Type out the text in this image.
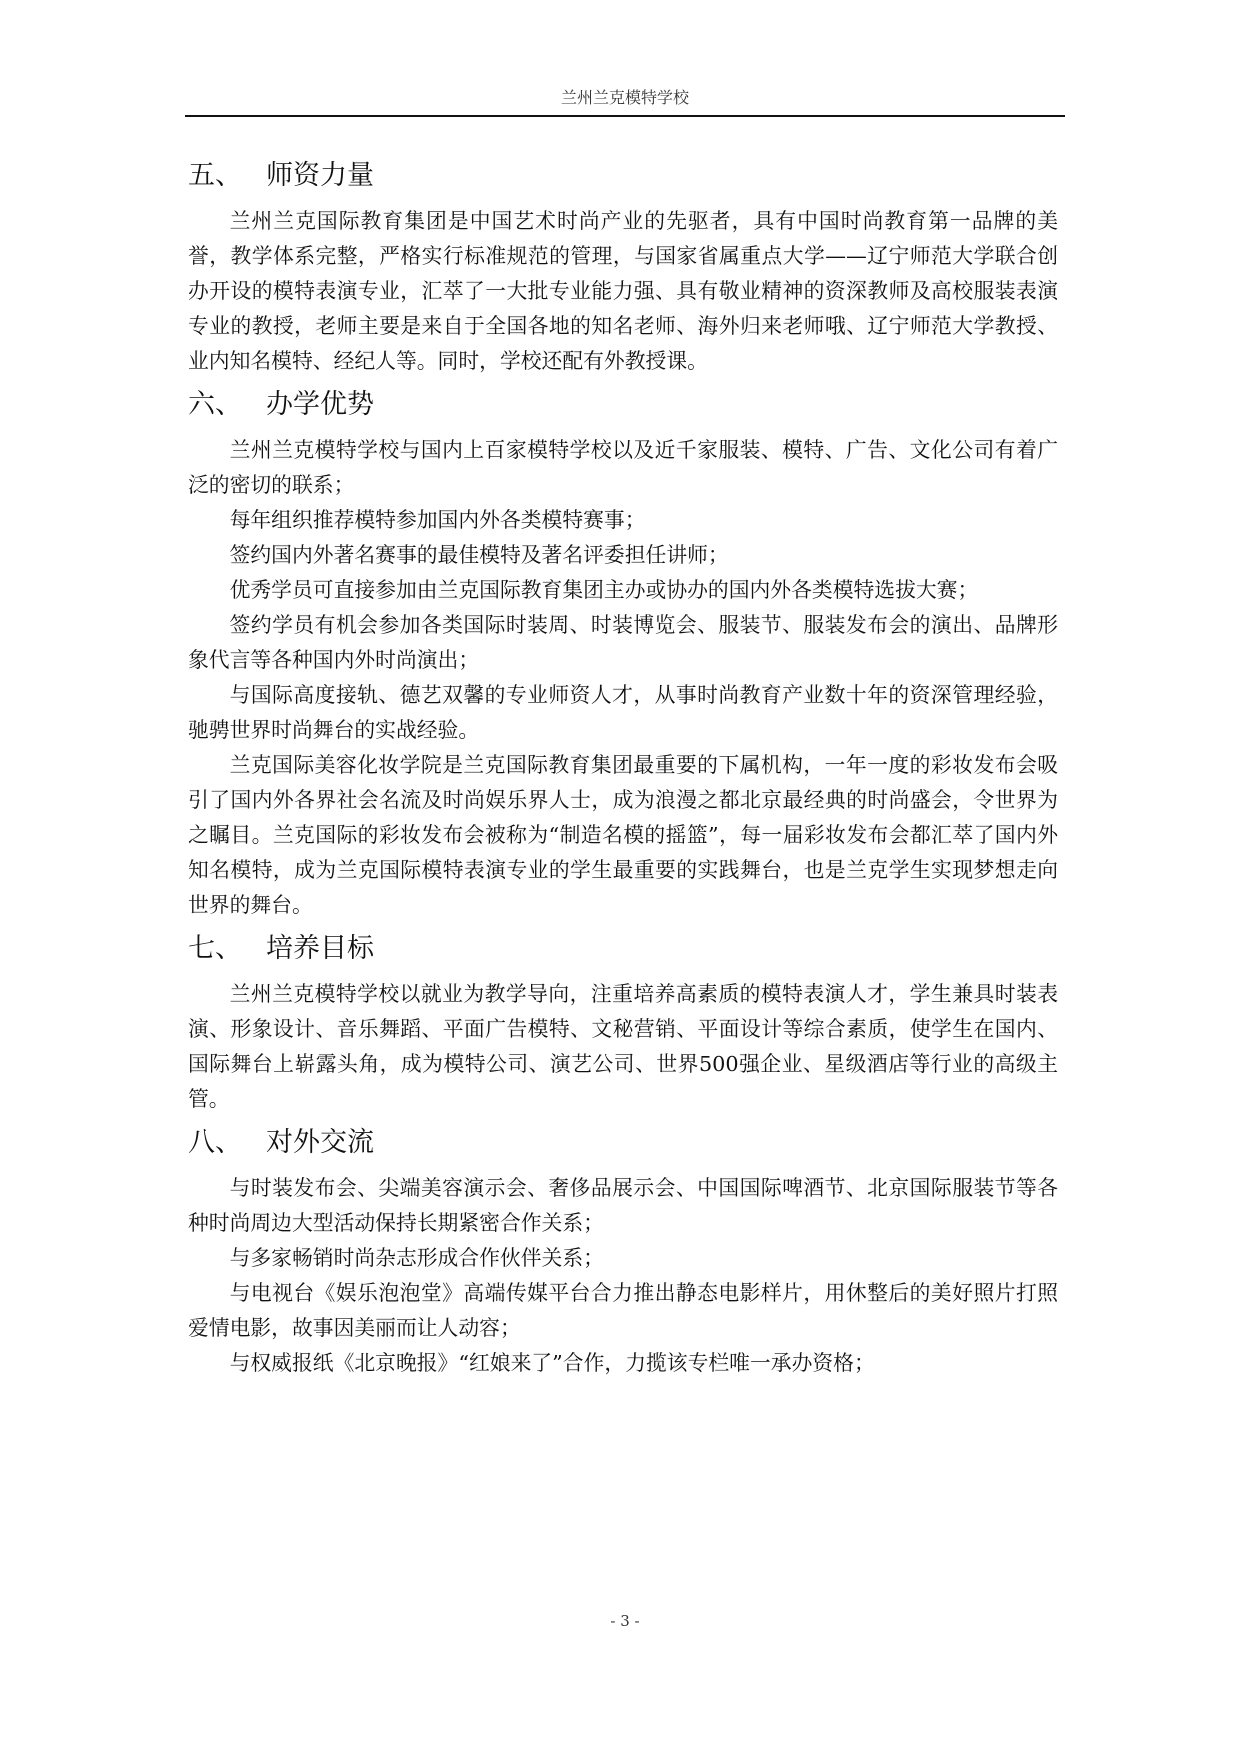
兰州兰克模特学校
五、 师资力量

兰州兰克国际教育集团是中国艺术时尚产业的先驱者，具有中国时尚教育第一品牌的美誉，教学体系完整，严格实行标准规范的管理，与国家省属重点大学——辽宁师范大学联合创办开设的模特表演专业，汇萃了一大批专业能力强、具有敬业精神的资深教师及高校服装表演专业的教授，老师主要是来自于全国各地的知名老师、海外归来老师哦、辽宁师范大学教授、业内知名模特、经纪人等。同时，学校还配有外教授课。

六、 办学优势

兰州兰克模特学校与国内上百家模特学校以及近千家服装、模特、广告、文化公司有着广泛的密切的联系；

每年组织推荐模特参加国内外各类模特赛事；

签约国内外著名赛事的最佳模特及著名评委担任讲师；

优秀学员可直接参加由兰克国际教育集团主办或协办的国内外各类模特选拔大赛；

签约学员有机会参加各类国际时装周、时装博览会、服装节、服装发布会的演出、品牌形象代言等各种国内外时尚演出；

与国际高度接轨、德艺双馨的专业师资人才，从事时尚教育产业数十年的资深管理经验，驰骋世界时尚舞台的实战经验。

兰克国际美容化妆学院是兰克国际教育集团最重要的下属机构，一年一度的彩妆发布会吸引了国内外各界社会名流及时尚娱乐界人士，成为浪漫之都北京最经典的时尚盛会，令世界为之瞩目。兰克国际的彩妆发布会被称为“制造名模的摇篮”，每一届彩妆发布会都汇萃了国内外知名模特，成为兰克国际模特表演专业的学生最重要的实践舞台，也是兰克学生实现梦想走向世界的舞台。

七、 培养目标

兰州兰克模特学校以就业为教学导向，注重培养高素质的模特表演人才，学生兼具时装表演、形象设计、音乐舞蹈、平面广告模特、文秘营销、平面设计等综合素质，使学生在国内、国际舞台上崭露头角，成为模特公司、演艺公司、世界500强企业、星级酒店等行业的高级主管。

八、 对外交流

与时装发布会、尖端美容演示会、奢侈品展示会、中国国际啤酒节、北京国际服装节等各种时尚周边大型活动保持长期紧密合作关系；

与多家畅销时尚杂志形成合作伙伴关系；

与电视台《娱乐泡泡堂》高端传媒平台合力推出静态电影样片，用休整后的美好照片打照爱情电影，故事因美丽而让人动容；

与权威报纸《北京晚报》“红娘来了”合作，力揽该专栏唯一承办资格；

- 3 -
